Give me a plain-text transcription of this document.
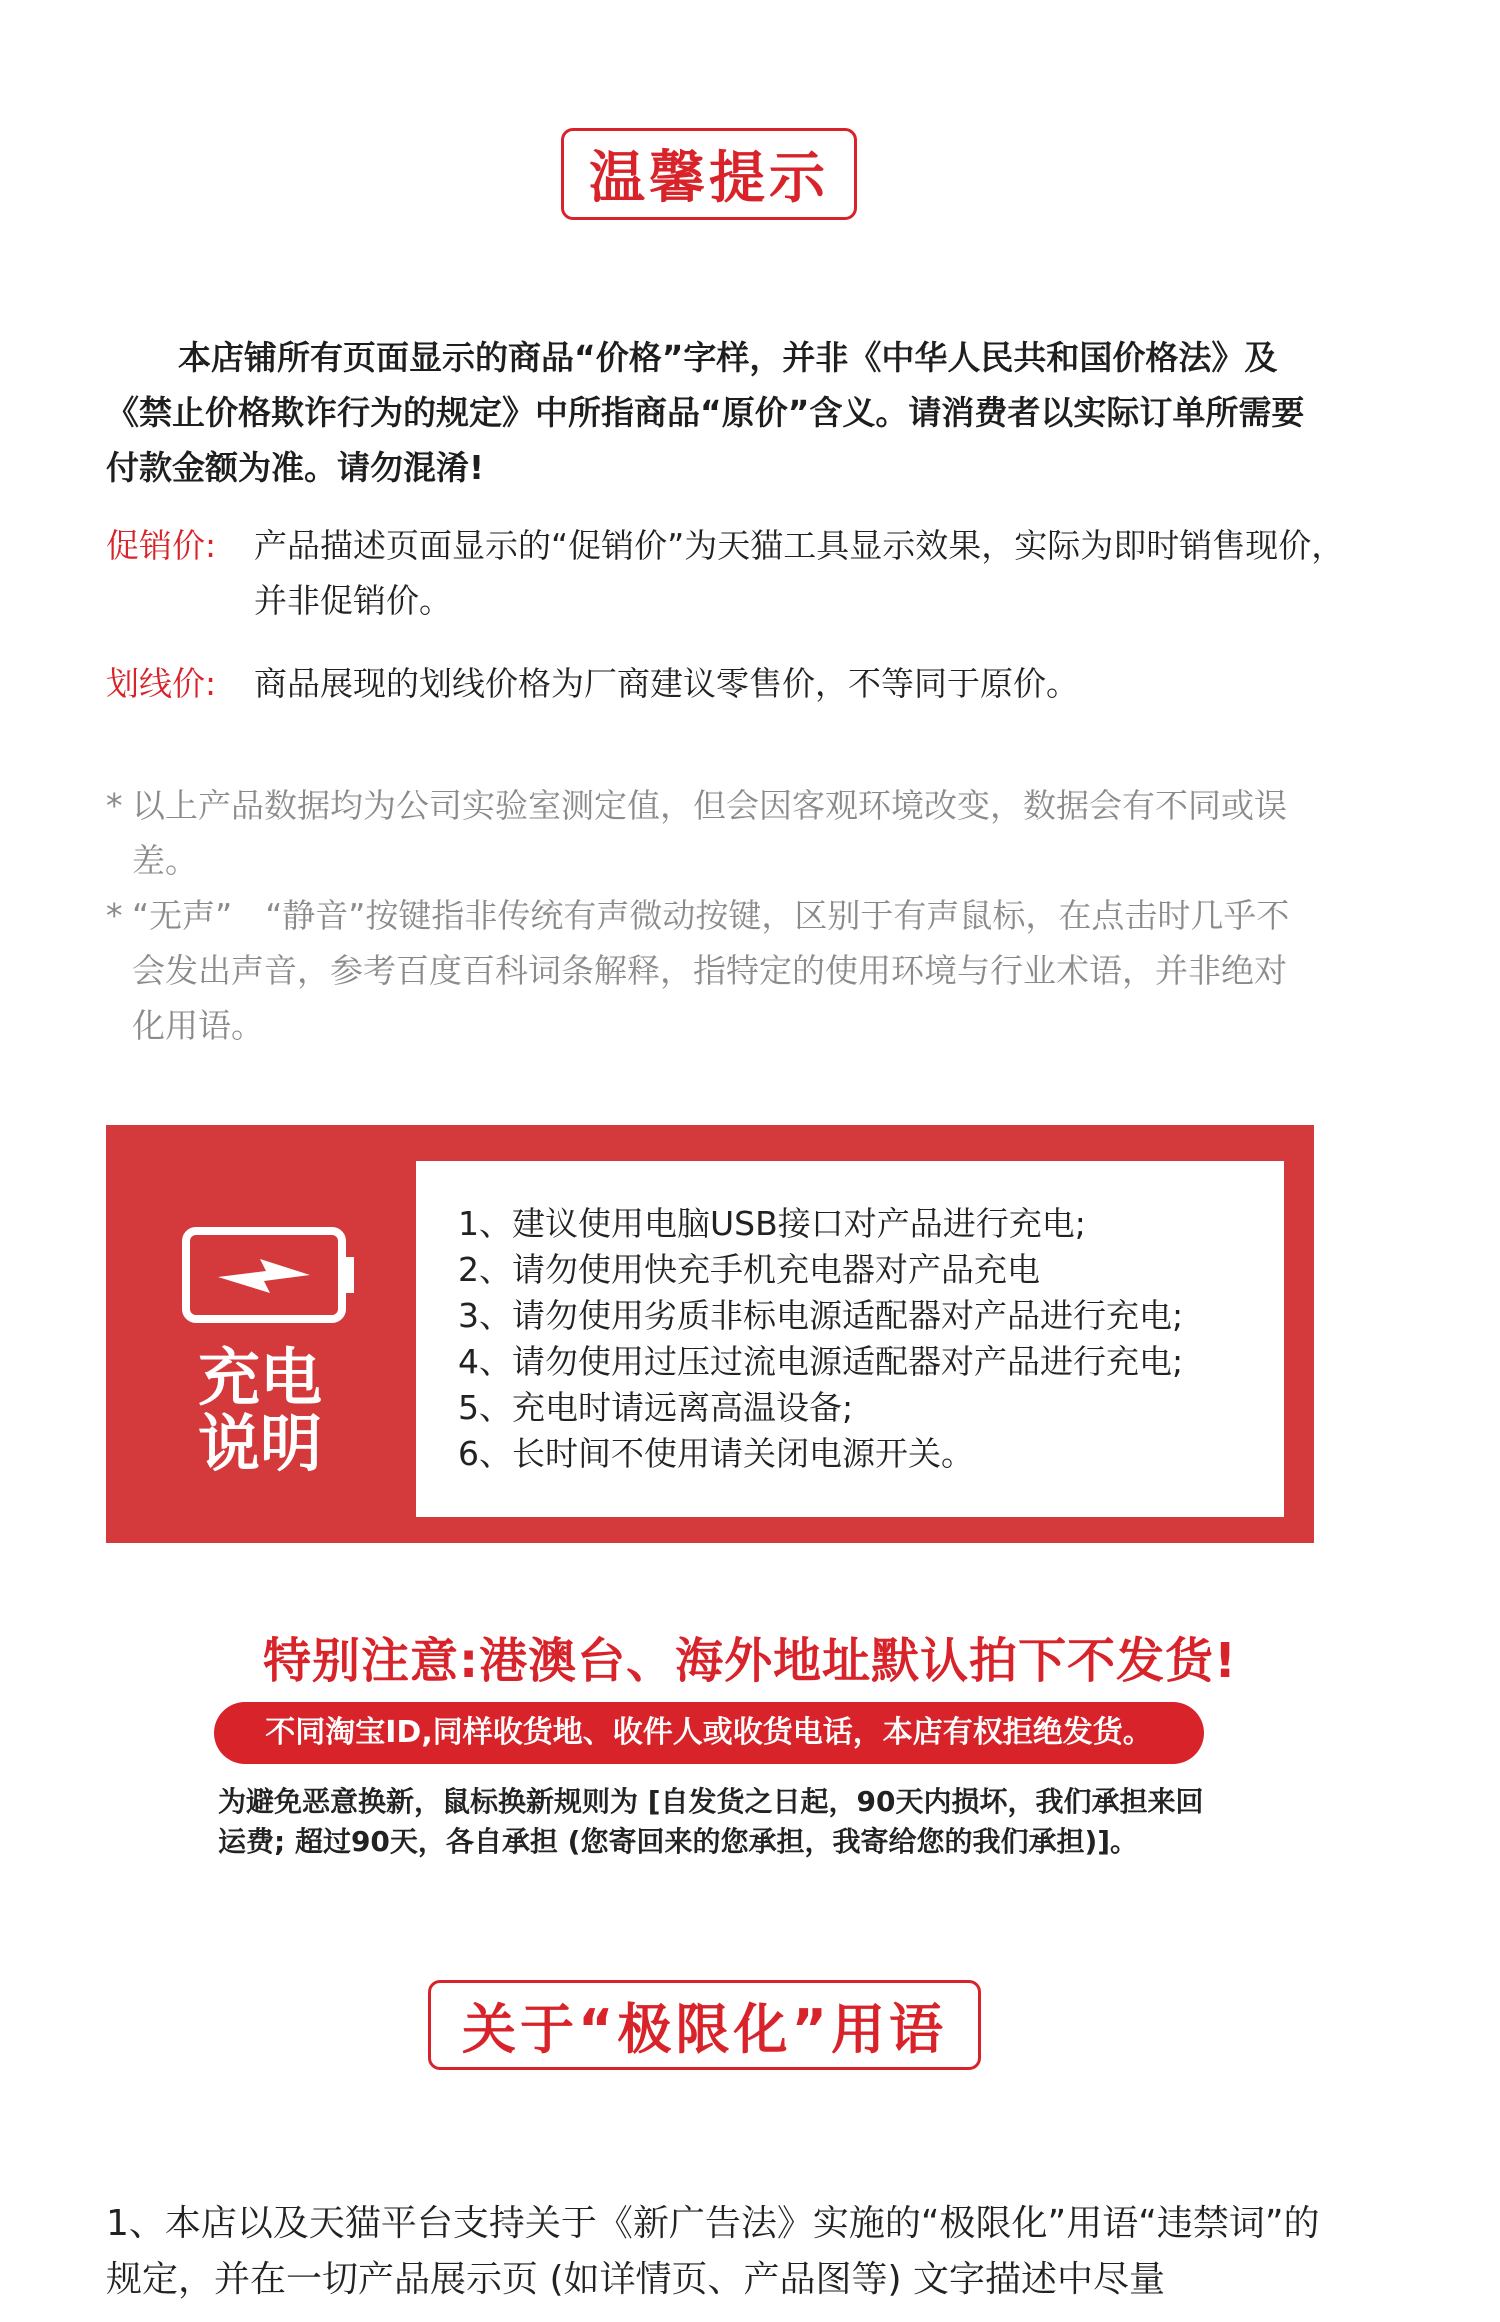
温馨提示

本店铺所有页面显示的商品“价格”字样，并非《中华人民共和国价格法》及《禁止价格欺诈行为的规定》中所指商品“原价”含义。请消费者以实际订单所需要付款金额为准。请勿混淆!

促销价:	产品描述页面显示的“促销价”为天猫工具显示效果，实际为即时销售现价，并非促销价。
划线价:	商品展现的划线价格为厂商建议零售价，不等同于原价。
* 以上产品数据均为公司实验室测定值，但会因客观环境改变，数据会有不同或误差。
* “无声”　“静音”按键指非传统有声微动按键，区别于有声鼠标，在点击时几乎不会发出声音，参考百度百科词条解释，指特定的使用环境与行业术语，并非绝对化用语。
充电
说明
1、建议使用电脑USB接口对产品进行充电;
2、请勿使用快充手机充电器对产品充电
3、请勿使用劣质非标电源适配器对产品进行充电;
4、请勿使用过压过流电源适配器对产品进行充电;
5、充电时请远离高温设备;
6、长时间不使用请关闭电源开关。
特别注意:港澳台、海外地址默认拍下不发货!
不同淘宝ID,同样收货地、收件人或收货电话，本店有权拒绝发货。

为避免恶意换新，鼠标换新规则为 [自发货之日起，90天内损坏，我们承担来回运费; 超过90天，各自承担 (您寄回来的您承担，我寄给您的我们承担)]。

关于“极限化”用语

1、本店以及天猫平台支持关于《新广告法》实施的“极限化”用语“违禁词”的规定，并在一切产品展示页 (如详情页、产品图等) 文字描述中尽量
